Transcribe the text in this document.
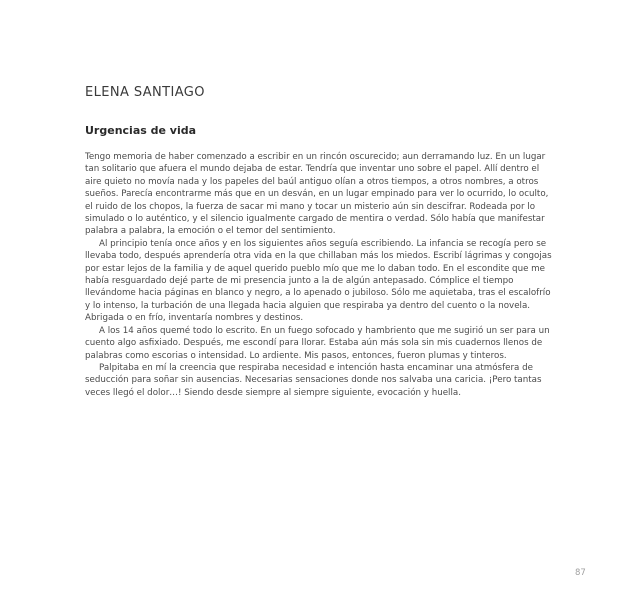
ELENA SANTIAGO
Urgencias de vida

Tengo memoria de haber comenzado a escribir en un rincón oscurecido; aun derramando luz. En un lugar tan solitario que afuera el mundo dejaba de estar. Tendría que inventar uno sobre el papel. Allí dentro el aire quieto no movía nada y los papeles del baúl antiguo olían a otros tiempos, a otros nombres, a otros sueños. Parecía encontrarme más que en un desván, en un lugar empinado para ver lo ocurrido, lo oculto, el ruido de los chopos, la fuerza de sacar mi mano y tocar un misterio aún sin descifrar. Rodeada por lo simulado o lo auténtico, y el silencio igualmente cargado de mentira o verdad. Sólo había que manifestar palabra a palabra, la emoción o el temor del sentimiento.

Al principio tenía once años y en los siguientes años seguía escribiendo. La infancia se recogía pero se llevaba todo, después aprendería otra vida en la que chillaban más los miedos. Escribí lágrimas y congojas por estar lejos de la familia y de aquel querido pueblo mío que me lo daban todo. En el escondite que me había resguardado dejé parte de mi presencia junto a la de algún antepasado. Cómplice el tiempo llevándome hacia páginas en blanco y negro, a lo apenado o jubiloso. Sólo me aquietaba, tras el escalofrío y lo intenso, la turbación de una llegada hacia alguien que respiraba ya dentro del cuento o la novela. Abrigada o en frío, inventaría nombres y destinos.

A los 14 años quemé todo lo escrito. En un fuego sofocado y hambriento que me sugirió un ser para un cuento algo asfixiado. Después, me escondí para llorar. Estaba aún más sola sin mis cuadernos llenos de palabras como escorias o intensidad. Lo ardiente. Mis pasos, entonces, fueron plumas y tinteros.

Palpitaba en mí la creencia que respiraba necesidad e intención hasta encaminar una atmósfera de seducción para soñar sin ausencias. Necesarias sensaciones donde nos salvaba una caricia. ¡Pero tantas veces llegó el dolor…! Siendo desde siempre al siempre siguiente, evocación y huella.

87
